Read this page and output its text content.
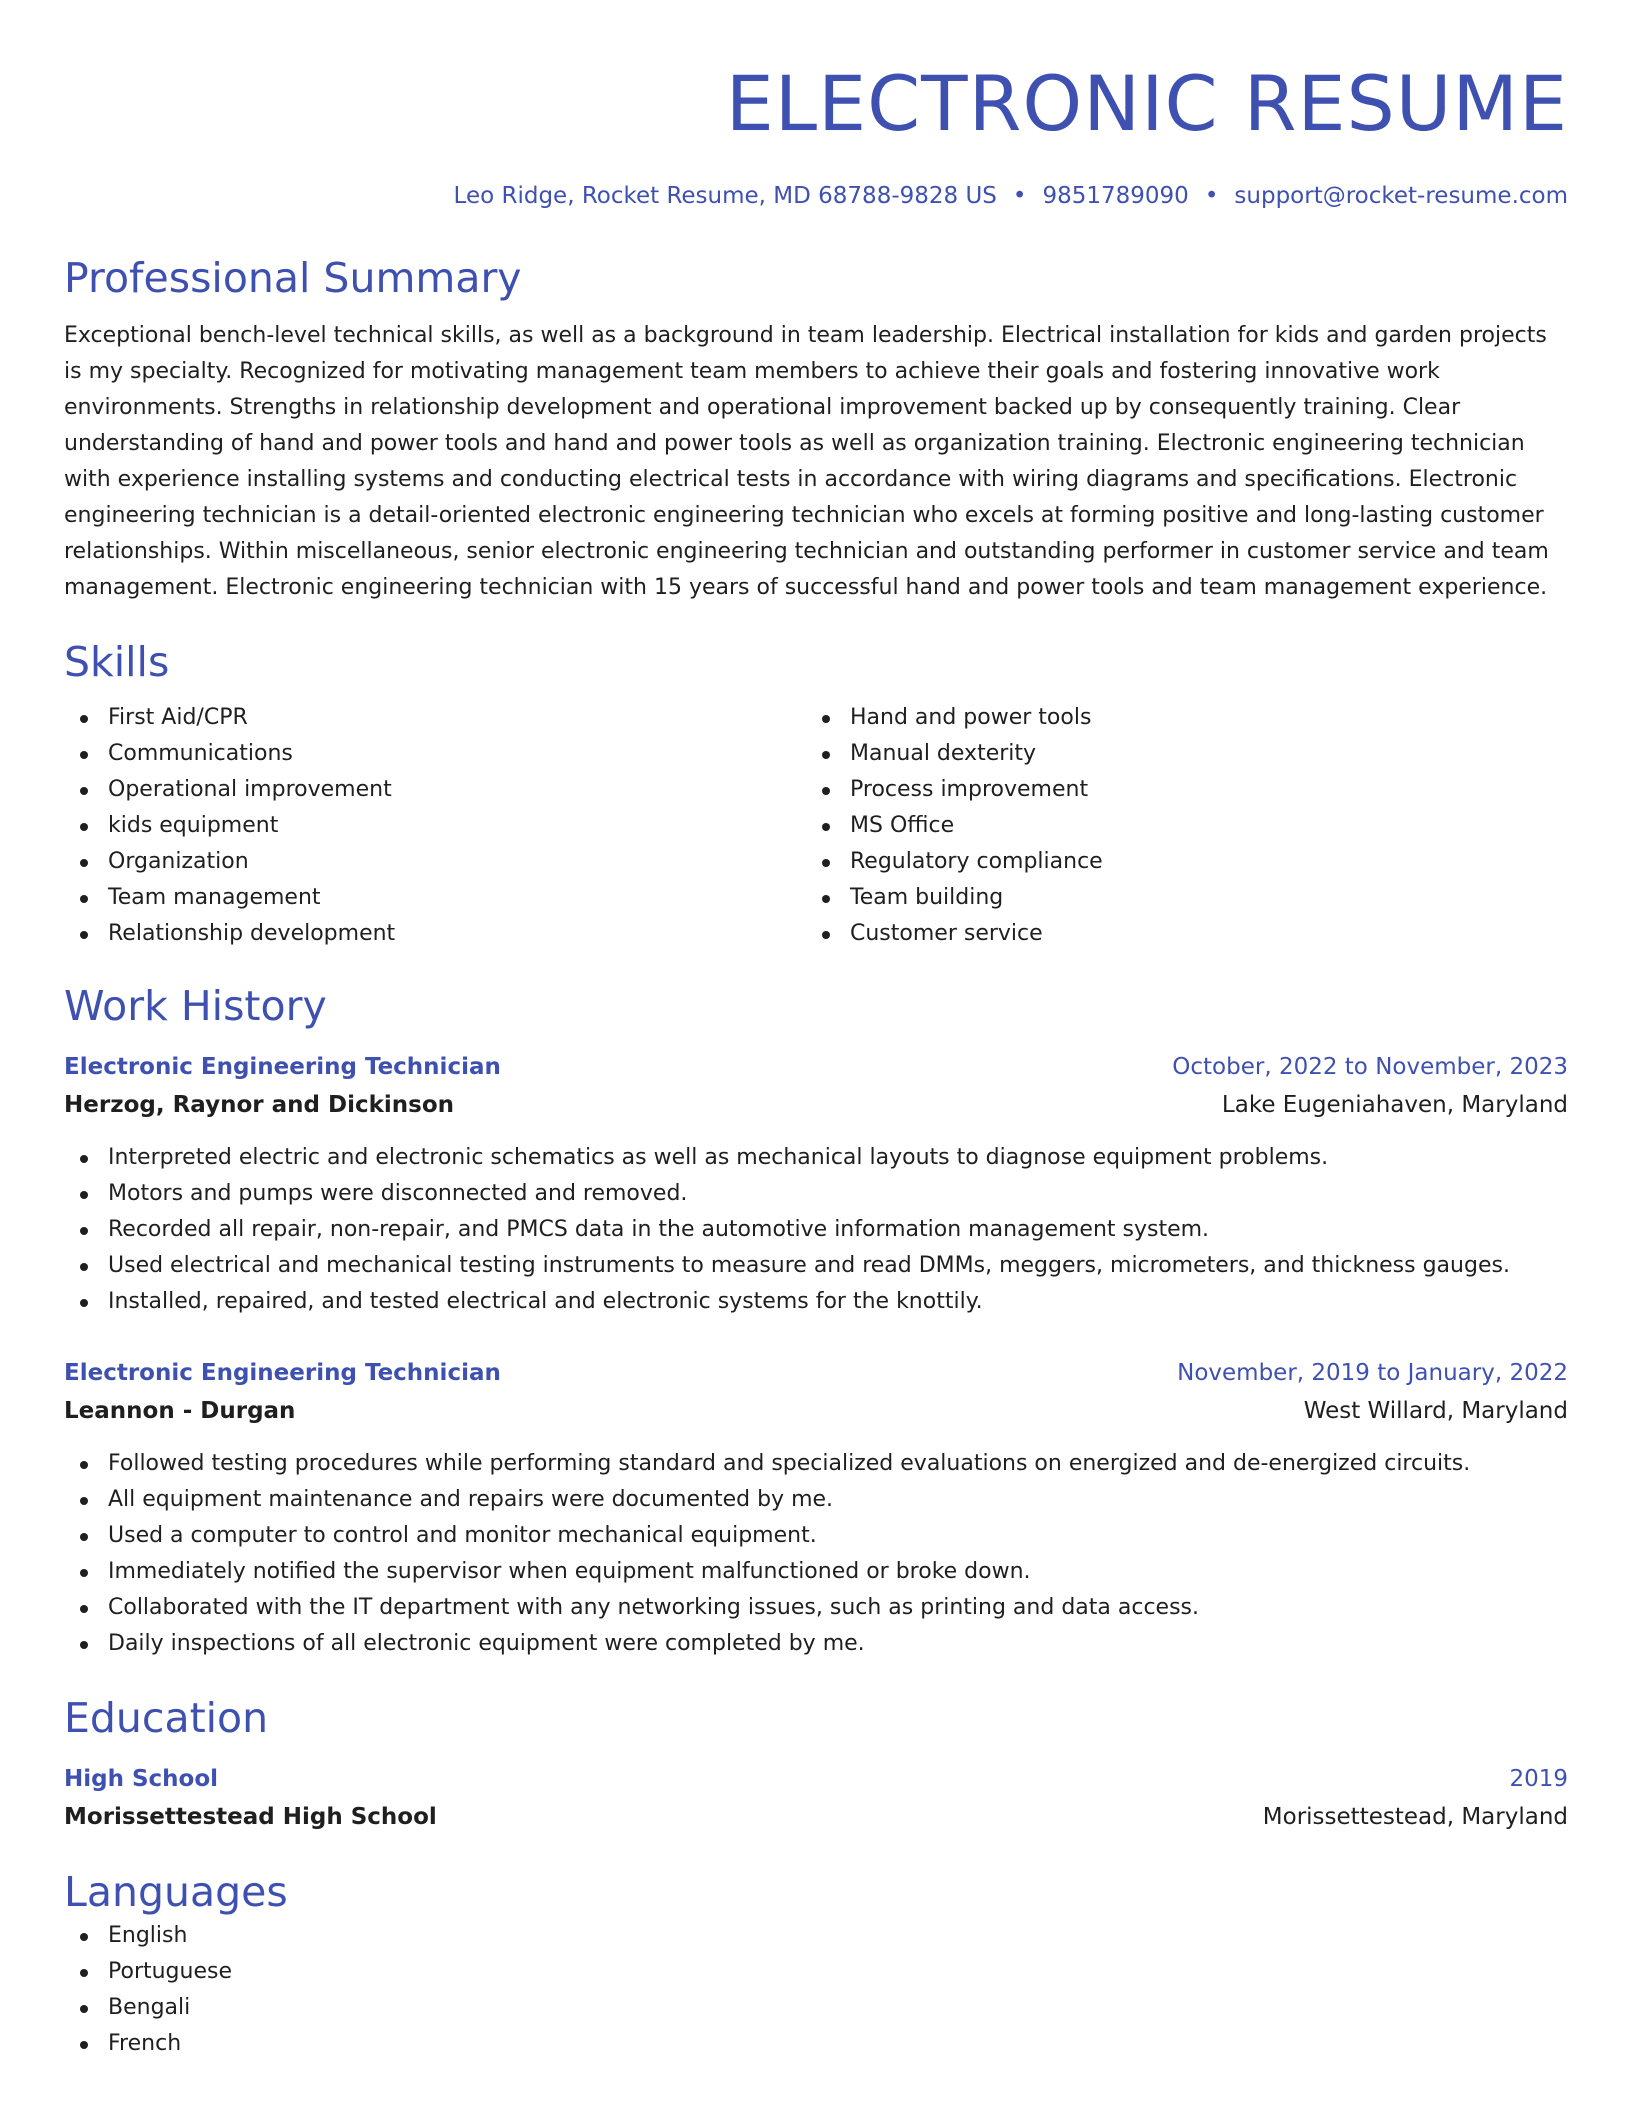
ELECTRONIC RESUME
Leo Ridge, Rocket Resume, MD 68788-9828 US • 9851789090 • support@rocket-resume.com
Professional Summary
Exceptional bench-level technical skills, as well as a background in team leadership. Electrical installation for kids and garden projects is my specialty. Recognized for motivating management team members to achieve their goals and fostering innovative work environments. Strengths in relationship development and operational improvement backed up by consequently training. Clear understanding of hand and power tools and hand and power tools as well as organization training. Electronic engineering technician with experience installing systems and conducting electrical tests in accordance with wiring diagrams and specifications. Electronic engineering technician is a detail-oriented electronic engineering technician who excels at forming positive and long-lasting customer relationships. Within miscellaneous, senior electronic engineering technician and outstanding performer in customer service and team management. Electronic engineering technician with 15 years of successful hand and power tools and team management experience.
Skills
First Aid/CPR
Communications
Operational improvement
kids equipment
Organization
Team management
Relationship development
Hand and power tools
Manual dexterity
Process improvement
MS Office
Regulatory compliance
Team building
Customer service
Work History
Electronic Engineering Technician	October, 2022 to November, 2023
Herzog, Raynor and Dickinson	Lake Eugeniahaven, Maryland
Interpreted electric and electronic schematics as well as mechanical layouts to diagnose equipment problems.
Motors and pumps were disconnected and removed.
Recorded all repair, non-repair, and PMCS data in the automotive information management system.
Used electrical and mechanical testing instruments to measure and read DMMs, meggers, micrometers, and thickness gauges.
Installed, repaired, and tested electrical and electronic systems for the knottily.
Electronic Engineering Technician	November, 2019 to January, 2022
Leannon - Durgan	West Willard, Maryland
Followed testing procedures while performing standard and specialized evaluations on energized and de-energized circuits.
All equipment maintenance and repairs were documented by me.
Used a computer to control and monitor mechanical equipment.
Immediately notified the supervisor when equipment malfunctioned or broke down.
Collaborated with the IT department with any networking issues, such as printing and data access.
Daily inspections of all electronic equipment were completed by me.
Education
High School	2019
Morissettestead High School	Morissettestead, Maryland
Languages
English
Portuguese
Bengali
French
